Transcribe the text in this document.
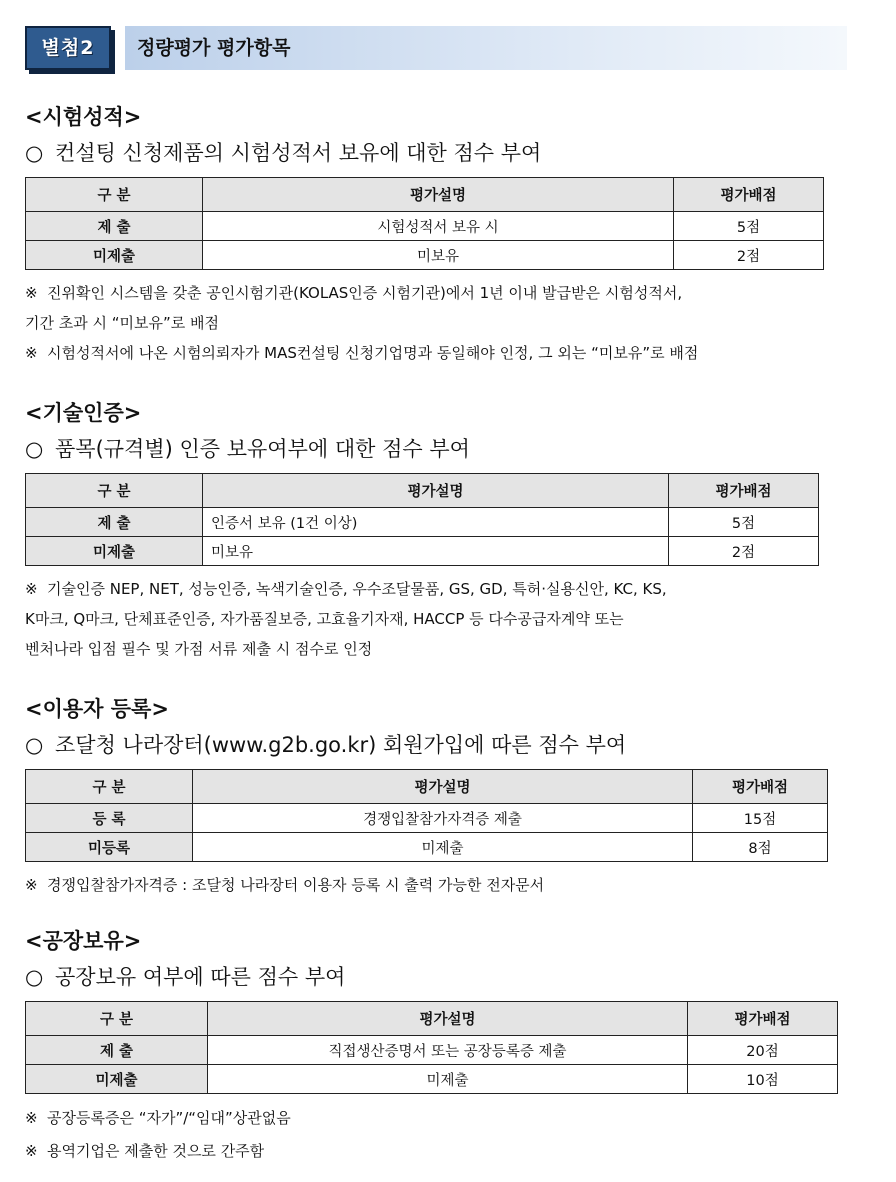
별첨2	정량평가 평가항목
<시험성적>
○ 컨설팅 신청제품의 시험성적서 보유에 대한 점수 부여
구 분	평가설명	평가배점
제 출	시험성적서 보유 시	5점
미제출	미보유	2점
※ 진위확인 시스템을 갖춘 공인시험기관(KOLAS인증 시험기관)에서 1년 이내 발급받은 시험성적서,
기간 초과 시 “미보유”로 배점
※ 시험성적서에 나온 시험의뢰자가 MAS컨설팅 신청기업명과 동일해야 인정, 그 외는 “미보유”로 배점
<기술인증>
○ 품목(규격별) 인증 보유여부에 대한 점수 부여
구 분	평가설명	평가배점
제 출	인증서 보유 (1건 이상)	5점
미제출	미보유	2점
※ 기술인증 NEP, NET, 성능인증, 녹색기술인증, 우수조달물품, GS, GD, 특허·실용신안, KC, KS,
K마크, Q마크, 단체표준인증, 자가품질보증, 고효율기자재, HACCP 등 다수공급자계약 또는
벤처나라 입점 필수 및 가점 서류 제출 시 점수로 인정
<이용자 등록>
○ 조달청 나라장터(www.g2b.go.kr) 회원가입에 따른 점수 부여
구 분	평가설명	평가배점
등 록	경쟁입찰참가자격증 제출	15점
미등록	미제출	8점
※ 경쟁입찰참가자격증 : 조달청 나라장터 이용자 등록 시 출력 가능한 전자문서
<공장보유>
○ 공장보유 여부에 따른 점수 부여
구 분	평가설명	평가배점
제 출	직접생산증명서 또는 공장등록증 제출	20점
미제출	미제출	10점
※ 공장등록증은 “자가”/“임대”상관없음
※ 용역기업은 제출한 것으로 간주함
